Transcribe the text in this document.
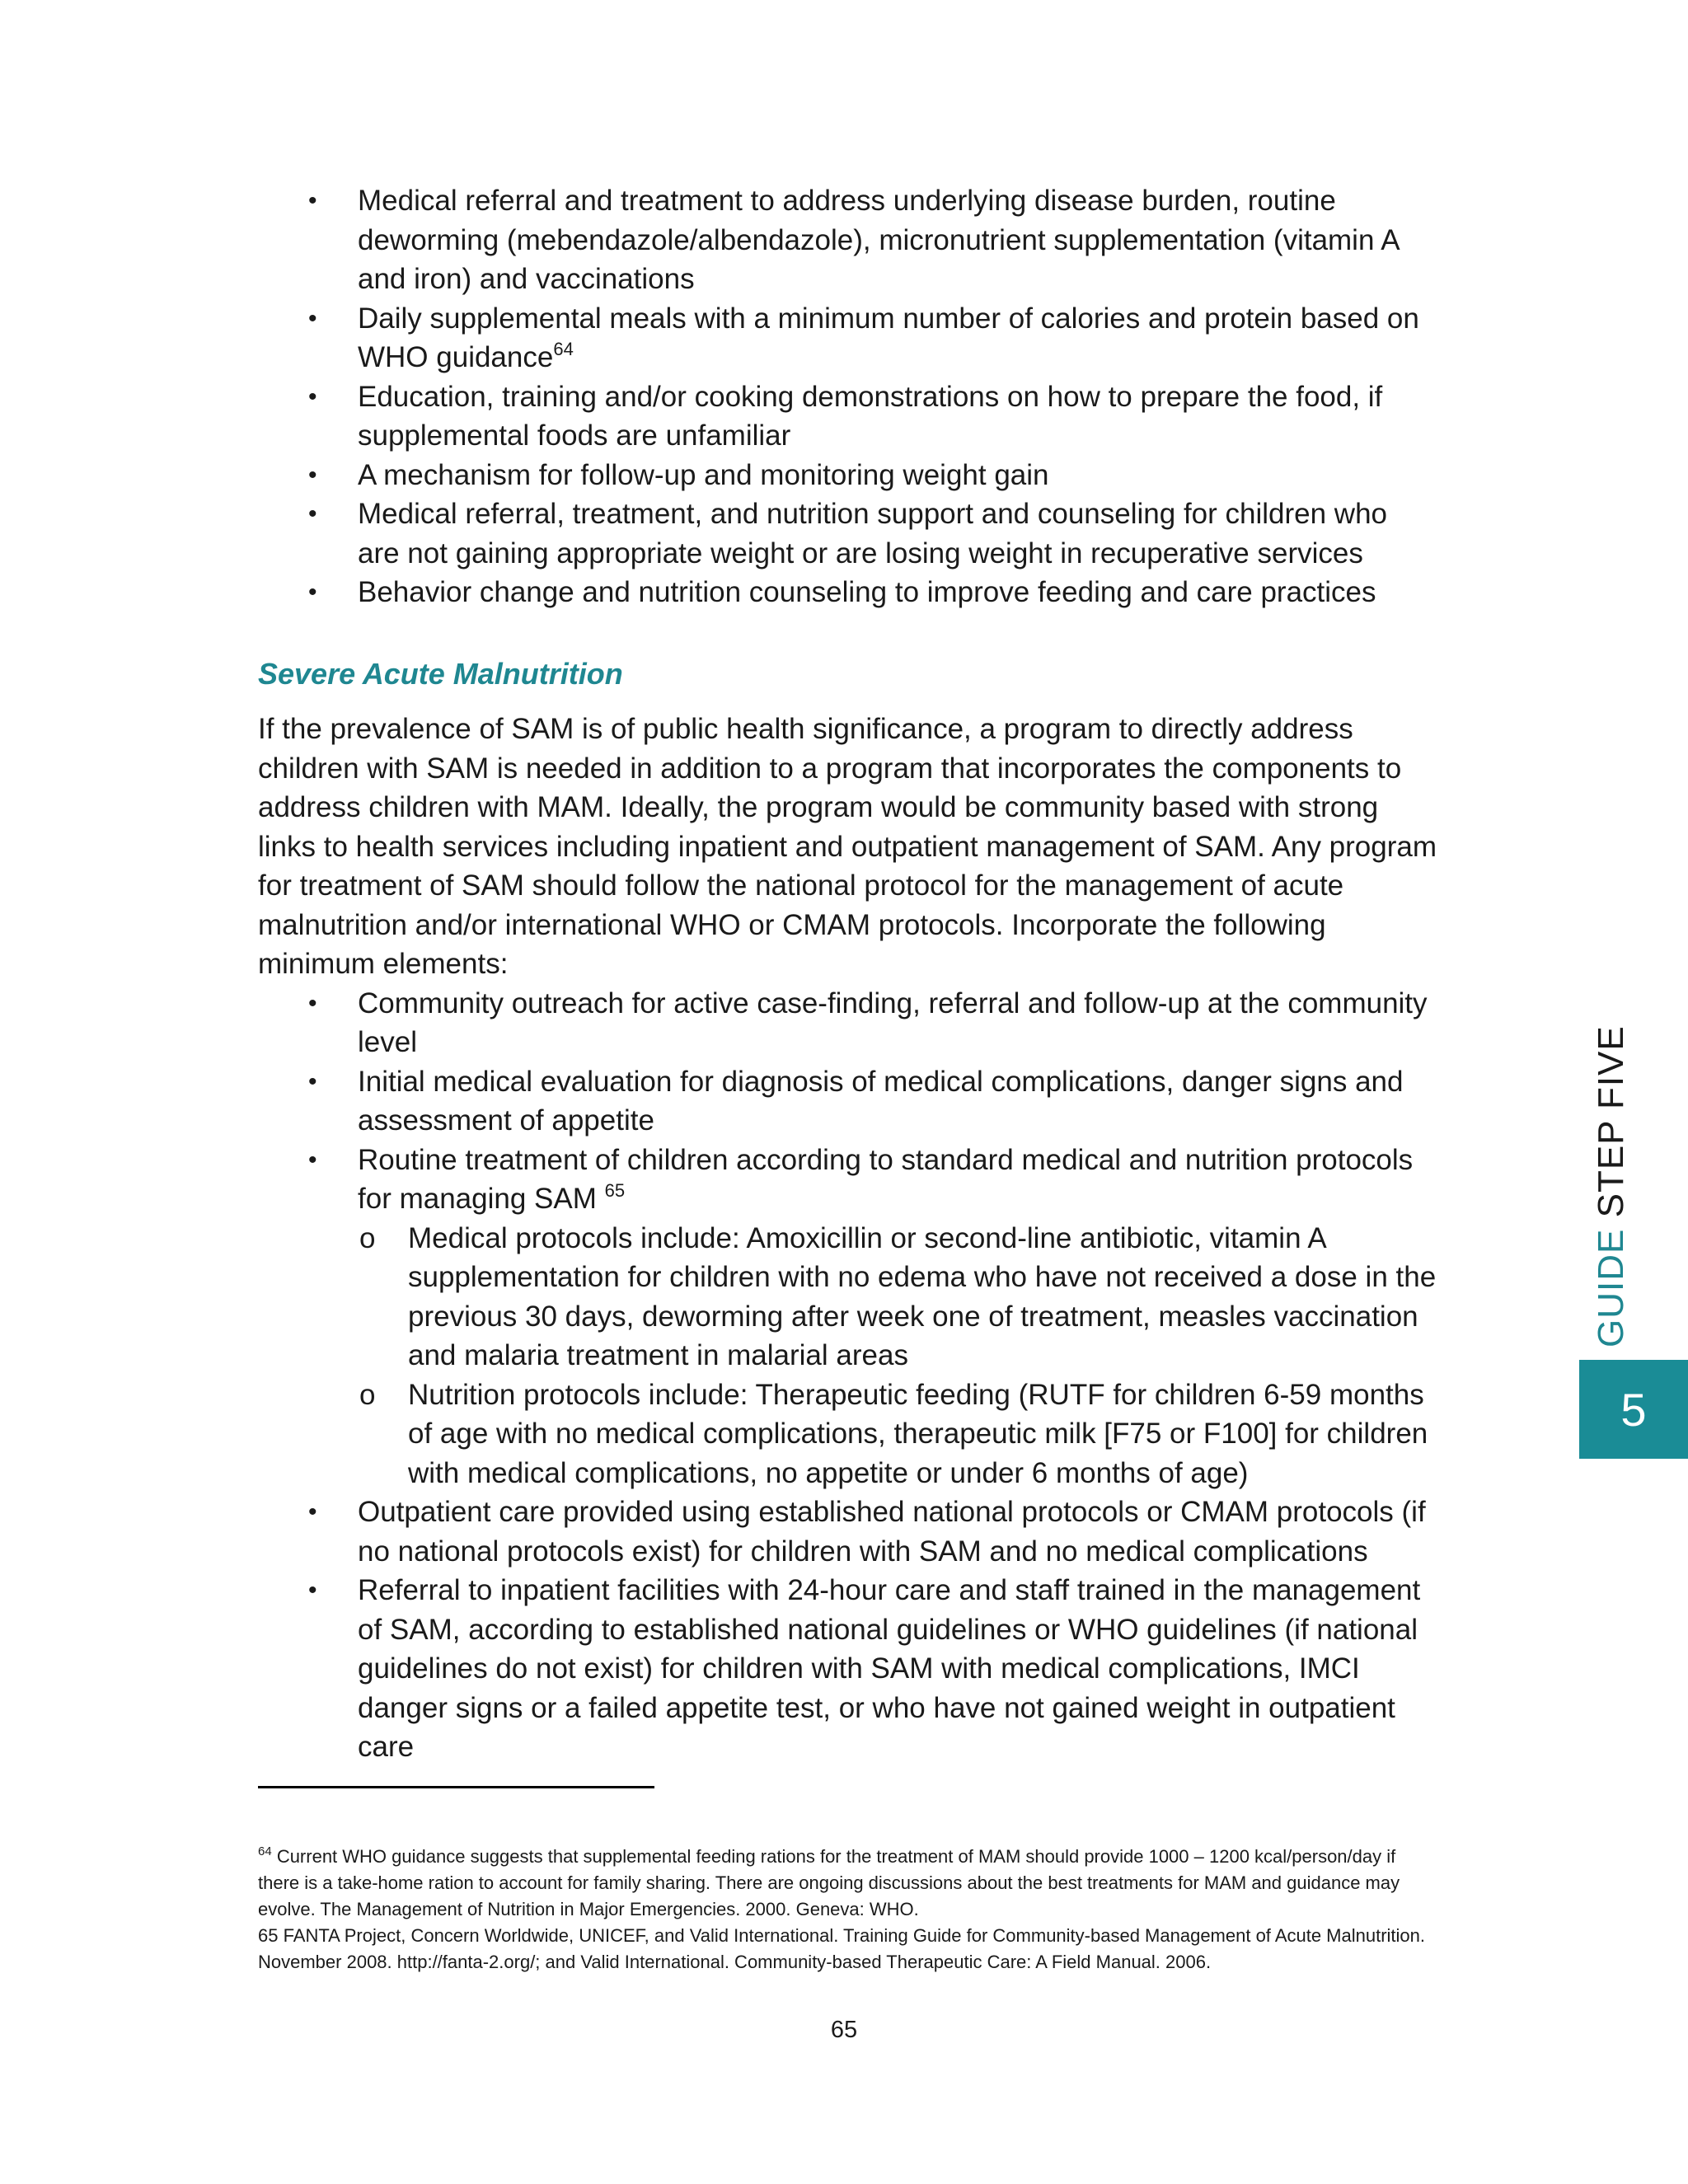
• Medical referral and treatment to address underlying disease burden, routine deworming (mebendazole/albendazole), micronutrient supplementation (vitamin A and iron) and vaccinations
• Daily supplemental meals with a minimum number of calories and protein based on WHO guidance$^{64}$
• Education, training and/or cooking demonstrations on how to prepare the food, if supplemental foods are unfamiliar
• A mechanism for follow-up and monitoring weight gain
• Medical referral, treatment, and nutrition support and counseling for children who are not gaining appropriate weight or are losing weight in recuperative services
• Behavior change and nutrition counseling to improve feeding and care practices
Severe Acute Malnutrition

If the prevalence of SAM is of public health significance, a program to directly address children with SAM is needed in addition to a program that incorporates the components to address children with MAM. Ideally, the program would be community based with strong links to health services including inpatient and outpatient management of SAM. Any program for treatment of SAM should follow the national protocol for the management of acute malnutrition and/or international WHO or CMAM protocols. Incorporate the following minimum elements:

• Community outreach for active case-finding, referral and follow-up at the community level
• Initial medical evaluation for diagnosis of medical complications, danger signs and assessment of appetite
• Routine treatment of children according to standard medical and nutrition protocols for managing SAM $^{65}$
o Medical protocols include: Amoxicillin or second-line antibiotic, vitamin A supplementation for children with no edema who have not received a dose in the previous 30 days, deworming after week one of treatment, measles vaccination and malaria treatment in malarial areas
o Nutrition protocols include: Therapeutic feeding (RUTF for children 6-59 months of age with no medical complications, therapeutic milk [F75 or F100] for children with medical complications, no appetite or under 6 months of age)
• Outpatient care provided using established national protocols or CMAM protocols (if no national protocols exist) for children with SAM and no medical complications
• Referral to inpatient facilities with 24-hour care and staff trained in the management of SAM, according to established national guidelines or WHO guidelines (if national guidelines do not exist) for children with SAM with medical complications, IMCI danger signs or a failed appetite test, or who have not gained weight in outpatient care

$^{64}$ Current WHO guidance suggests that supplemental feeding rations for the treatment of MAM should provide 1000 – 1200 kcal/person/day if there is a take-home ration to account for family sharing. There are ongoing discussions about the best treatments for MAM and guidance may evolve. The Management of Nutrition in Major Emergencies. 2000. Geneva: WHO.

65 FANTA Project, Concern Worldwide, UNICEF, and Valid International. Training Guide for Community-based Management of Acute Malnutrition. November 2008. http://fanta-2.org/; and Valid International. Community-based Therapeutic Care: A Field Manual. 2006.

65
GUIDE STEP FIVE
5
